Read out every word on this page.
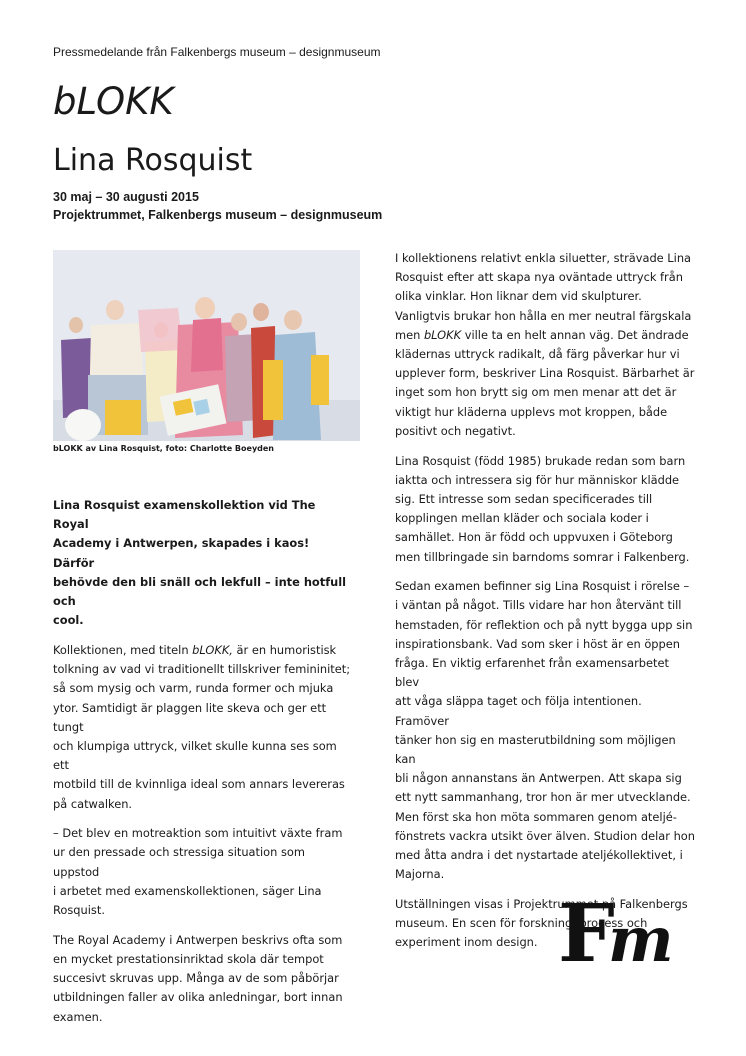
Pressmedelande från Falkenbergs museum – designmuseum
bLOKK
Lina Rosquist
30 maj – 30 augusti 2015
Projektrummet, Falkenbergs museum – designmuseum
bLOKK av Lina Rosquist, foto: Charlotte Boeyden

Lina Rosquist examenskollektion vid The Royal
Academy i Antwerpen, skapades i kaos! Därför
behövde den bli snäll och lekfull – inte hotfull och
cool.

Kollektionen, med titeln bLOKK, är en humoristisk
tolkning av vad vi traditionellt tillskriver femininitet;
så som mysig och varm, runda former och mjuka
ytor. Samtidigt är plaggen lite skeva och ger ett tungt
och klumpiga uttryck, vilket skulle kunna ses som ett
motbild till de kvinnliga ideal som annars levereras
på catwalken.

– Det blev en motreaktion som intuitivt växte fram
ur den pressade och stressiga situation som uppstod
i arbetet med examenskollektionen, säger Lina
Rosquist.

The Royal Academy i Antwerpen beskrivs ofta som
en mycket prestationsinriktad skola där tempot
succesivt skruvas upp. Många av de som påbörjar
utbildningen faller av olika anledningar, bort innan
examen.

I kollektionens relativt enkla siluetter, strävade Lina
Rosquist efter att skapa nya oväntade uttryck från
olika vinklar. Hon liknar dem vid skulpturer.
Vanligtvis brukar hon hålla en mer neutral färgskala
men bLOKK ville ta en helt annan väg. Det ändrade
klädernas uttryck radikalt, då färg påverkar hur vi
upplever form, beskriver Lina Rosquist. Bärbarhet är
inget som hon brytt sig om men menar att det är
viktigt hur kläderna upplevs mot kroppen, både
positivt och negativt.

Lina Rosquist (född 1985) brukade redan som barn
iaktta och intressera sig för hur människor klädde
sig. Ett intresse som sedan specificerades till
kopplingen mellan kläder och sociala koder i
samhället. Hon är född och uppvuxen i Göteborg
men tillbringade sin barndoms somrar i Falkenberg.

Sedan examen befinner sig Lina Rosquist i rörelse –
i väntan på något. Tills vidare har hon återvänt till
hemstaden, för reflektion och på nytt bygga upp sin
inspirationsbank. Vad som sker i höst är en öppen
fråga. En viktig erfarenhet från examensarbetet blev
att våga släppa taget och följa intentionen. Framöver
tänker hon sig en masterutbildning som möjligen kan
bli någon annanstans än Antwerpen. Att skapa sig
ett nytt sammanhang, tror hon är mer utvecklande.
Men först ska hon möta sommaren genom ateljé-
fönstrets vackra utsikt över älven. Studion delar hon
med åtta andra i det nystartade ateljékollektivet, i
Majorna.

Utställningen visas i Projektrummet på Falkenbergs
museum. En scen för forskning, process och
experiment inom design. F
m
